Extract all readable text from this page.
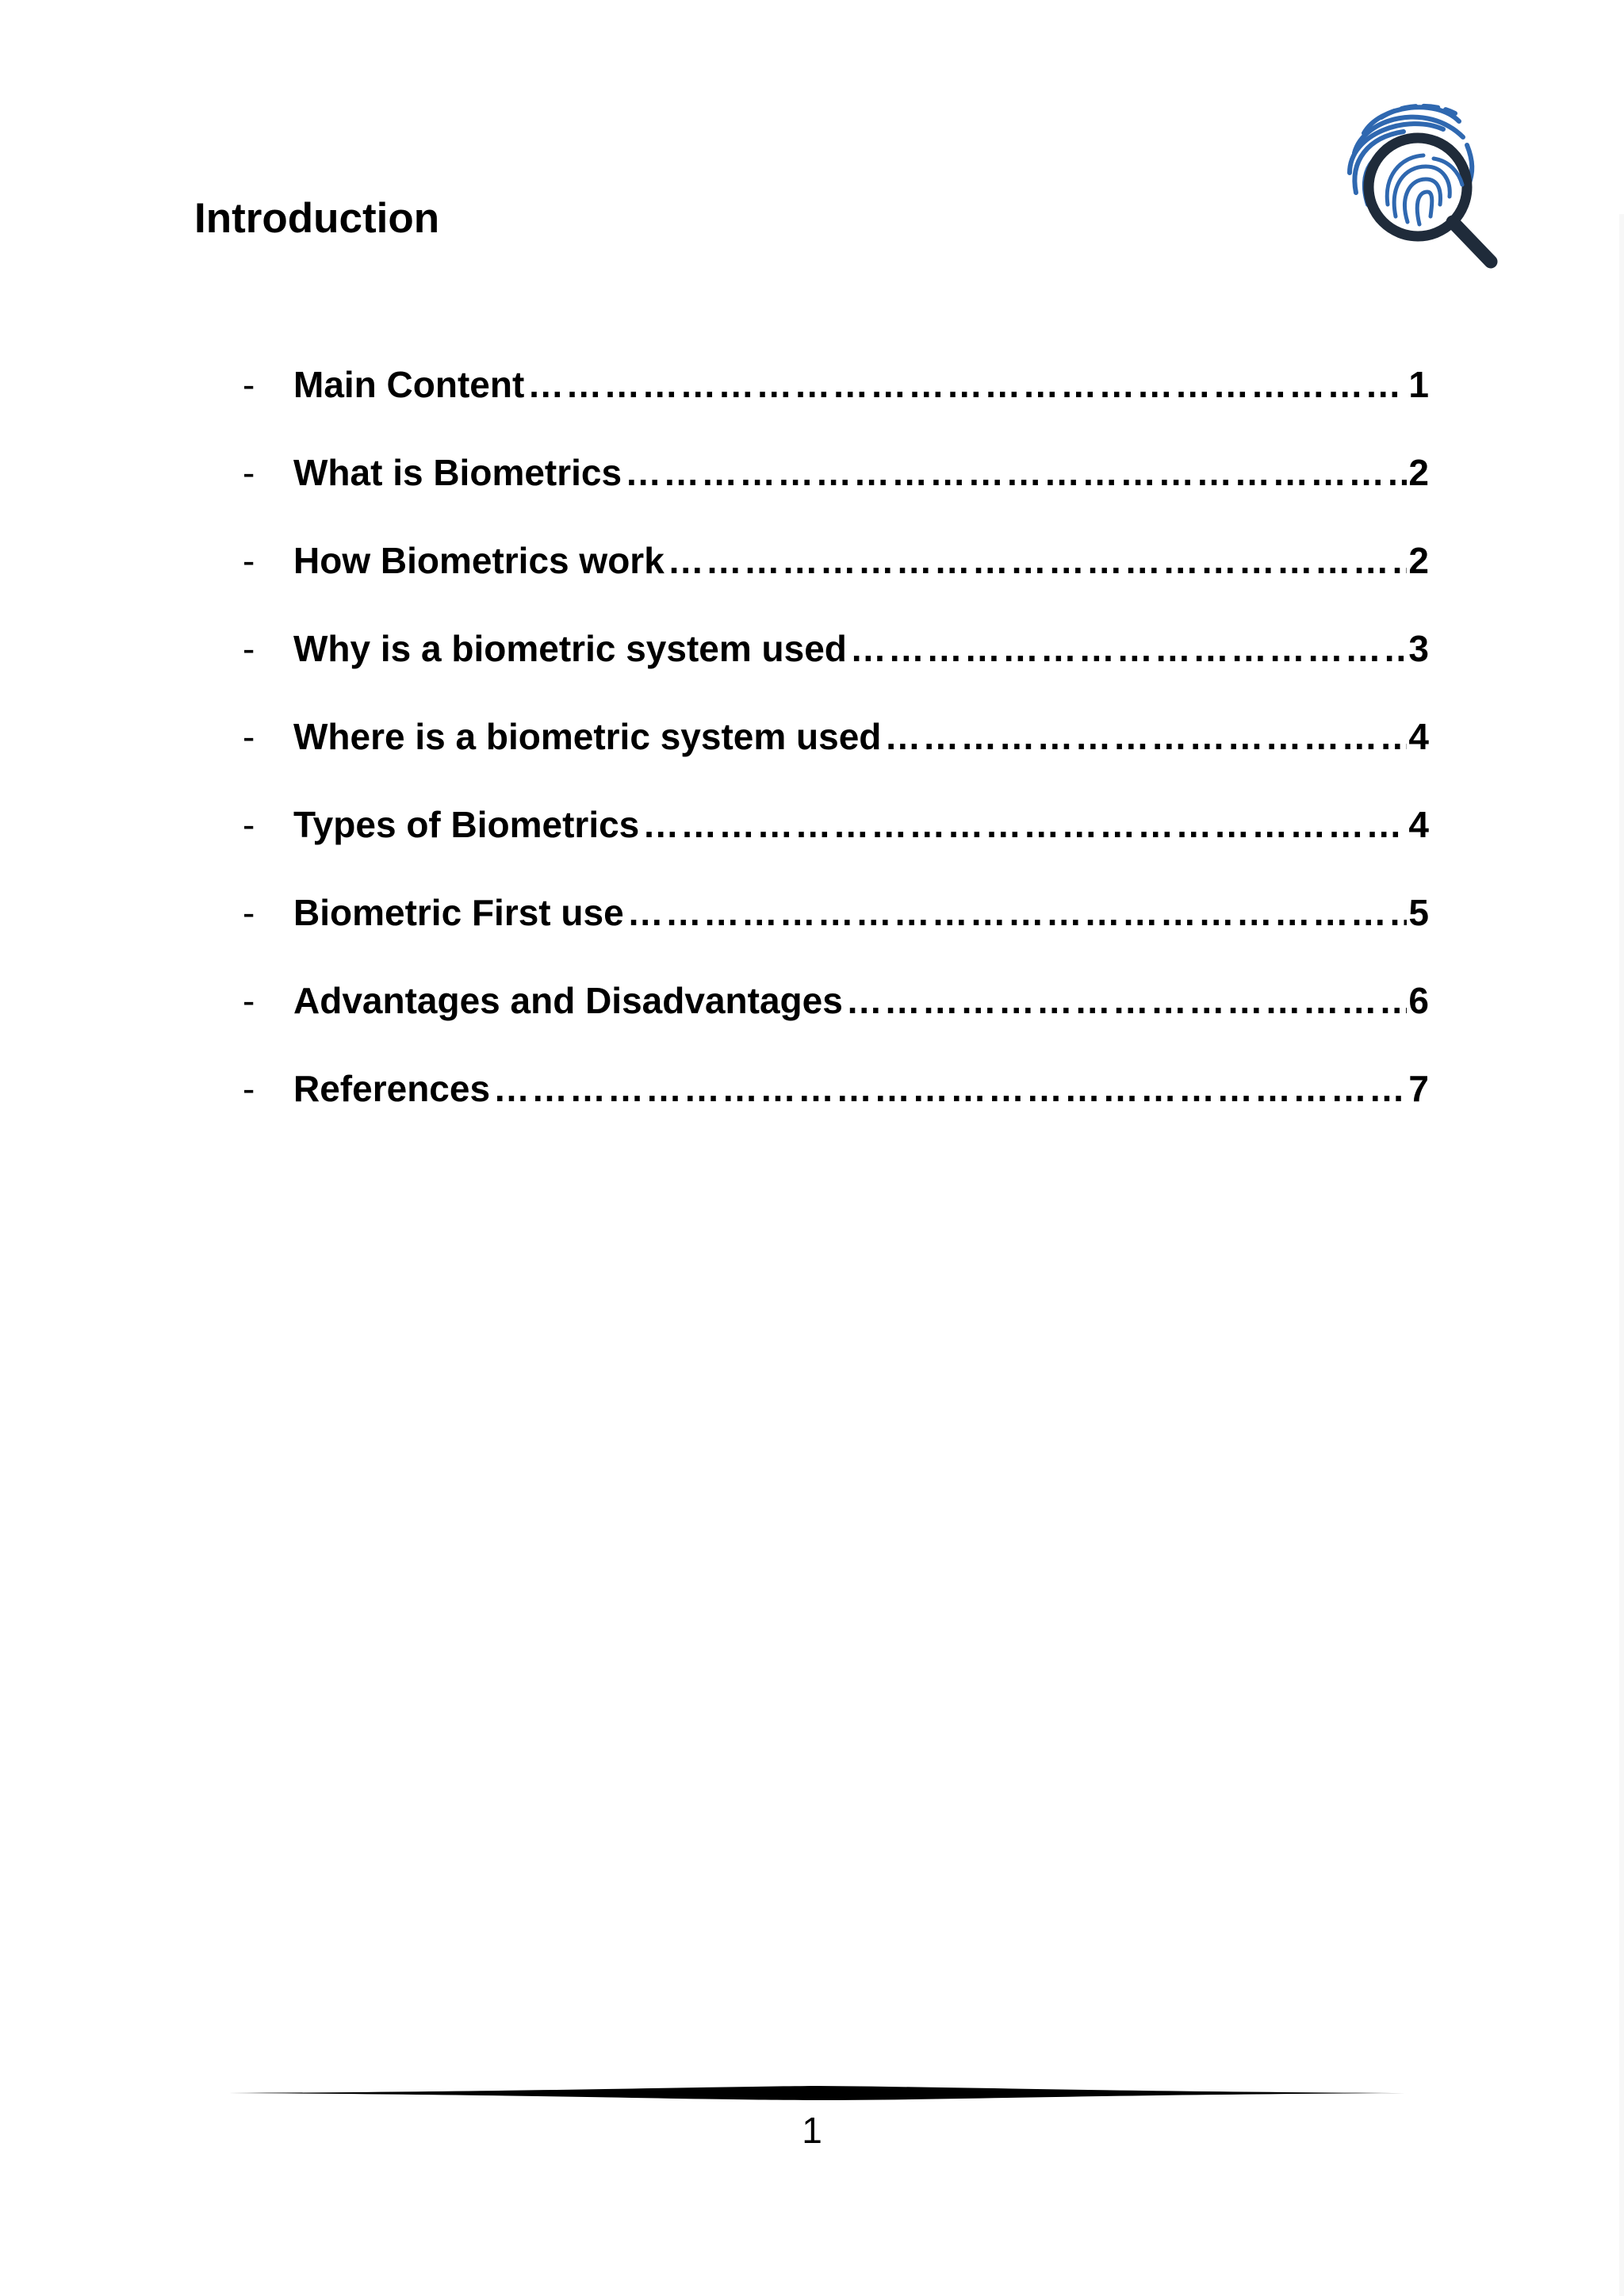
Introduction
-	Main Content ………………………………………………………………………………………………………………………………………	1
-	What is Biometrics ………………………………………………………………………………………………………………………………………	2
-	How Biometrics work ………………………………………………………………………………………………………………………………………	2
-	Why is a biometric system used ………………………………………………………………………………………………………………………………………	3
-	Where is a biometric system used ………………………………………………………………………………………………………………………………………	4
-	Types of Biometrics ………………………………………………………………………………………………………………………………………	4
-	Biometric First use ………………………………………………………………………………………………………………………………………	5
-	Advantages and Disadvantages ………………………………………………………………………………………………………………………………………	6
-	References ………………………………………………………………………………………………………………………………………	7
1
